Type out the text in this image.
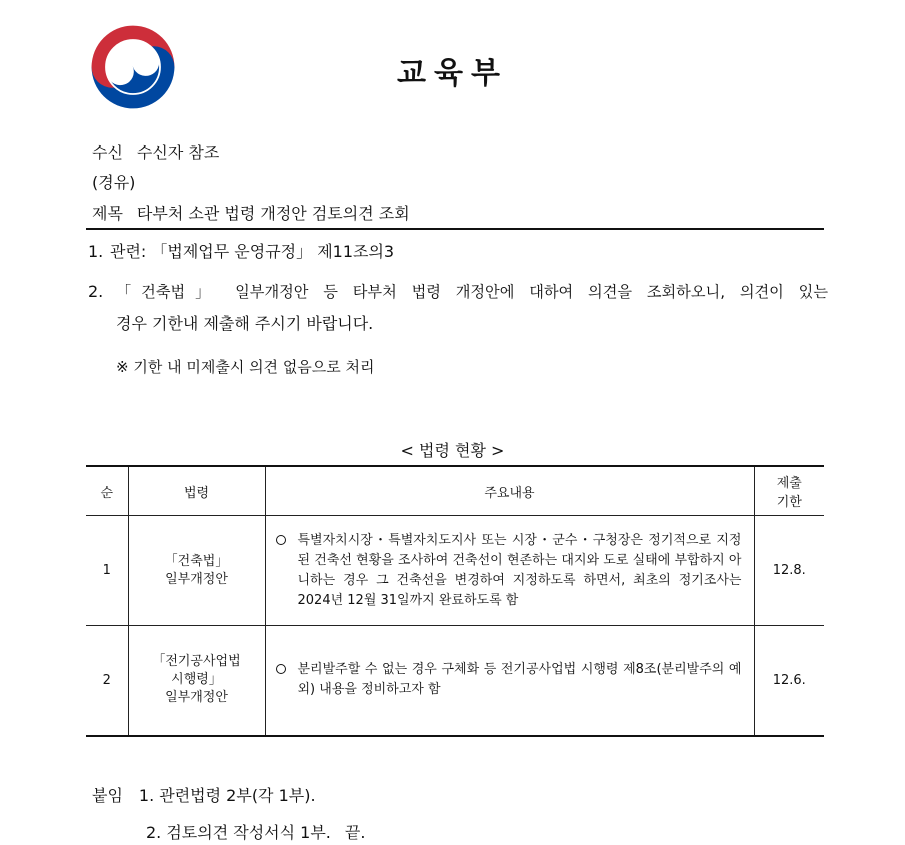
교육부
수신 수신자 참조
(경유)
제목 타부처 소관 법령 개정안 검토의견 조회
1. 관련: 「법제업무 운영규정」 제11조의3
2. 「건축법」 일부개정안 등 타부처 법령 개정안에 대하여 의견을 조회하오니, 의견이 있는
경우 기한내 제출해 주시기 바랍니다.
※ 기한 내 미제출시 의견 없음으로 처리
< 법령 현황 >
순	법령	주요내용	제출
기한

1	「건축법」
일부개정안	특별자치시장・특별자치도지사 또는 시장・군수・구청장은 정기적으로 지정된 건축선 현황을 조사하여 건축선이 현존하는 대지와 도로 실태에 부합하지 아니하는 경우 그 건축선을 변경하여 지정하도록 하면서, 최초의 정기조사는 2024년 12월 31일까지 완료하도록 함	12.8.
2	「전기공사업법
시행령」
일부개정안	분리발주할 수 없는 경우 구체화 등 전기공사업법 시행령 제8조(분리발주의 예외) 내용을 정비하고자 함	12.6.
붙임 1. 관련법령 2부(각 1부).
2. 검토의견 작성서식 1부. 끝.
